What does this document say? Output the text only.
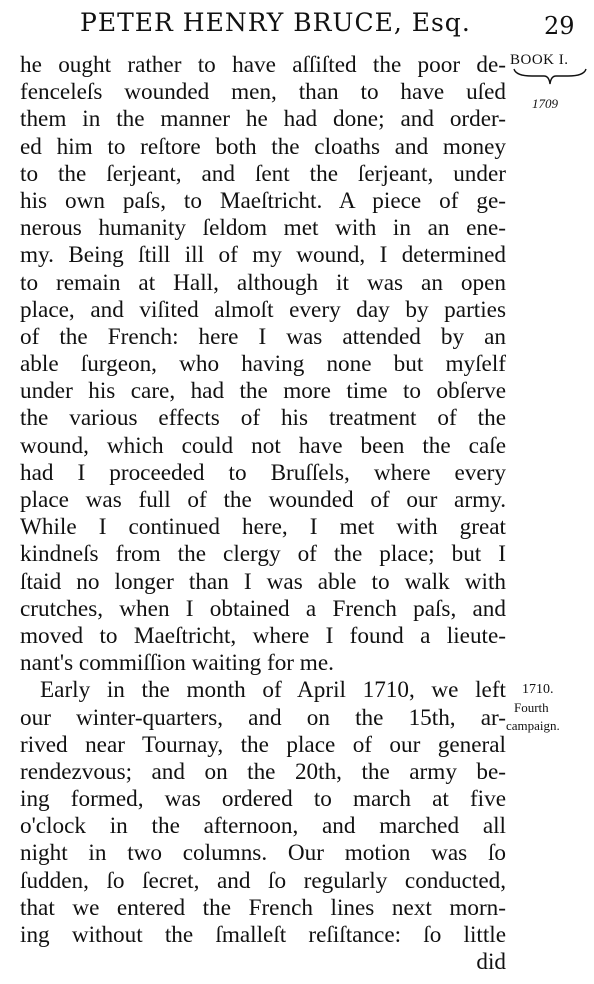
PETER HENRY BRUCE, Esq.	29
BOOK I.
1709
1710.
Fourth
campaign.
he ought rather to have aſſiſted the poor de-
fenceleſs wounded men, than to have uſed
them in the manner he had done; and order-
ed him to reſtore both the cloaths and money
to the ſerjeant, and ſent the ſerjeant, under
his own paſs, to Maeſtricht. A piece of ge-
nerous humanity ſeldom met with in an ene-
my. Being ſtill ill of my wound, I determined
to remain at Hall, although it was an open
place, and viſited almoſt every day by parties
of the French: here I was attended by an
able ſurgeon, who having none but myſelf
under his care, had the more time to obſerve
the various effects of his treatment of the
wound, which could not have been the caſe
had I proceeded to Bruſſels, where every
place was full of the wounded of our army.
While I continued here, I met with great
kindneſs from the clergy of the place; but I
ſtaid no longer than I was able to walk with
crutches, when I obtained a French paſs, and
moved to Maeſtricht, where I found a lieute-
nant's commiſſion waiting for me.
Early in the month of April 1710, we left
our winter-quarters, and on the 15th, ar-
rived near Tournay, the place of our general
rendezvous; and on the 20th, the army be-
ing formed, was ordered to march at five
o'clock in the afternoon, and marched all
night in two columns. Our motion was ſo
ſudden, ſo ſecret, and ſo regularly conducted,
that we entered the French lines next morn-
ing without the ſmalleſt reſiſtance: ſo little
did
